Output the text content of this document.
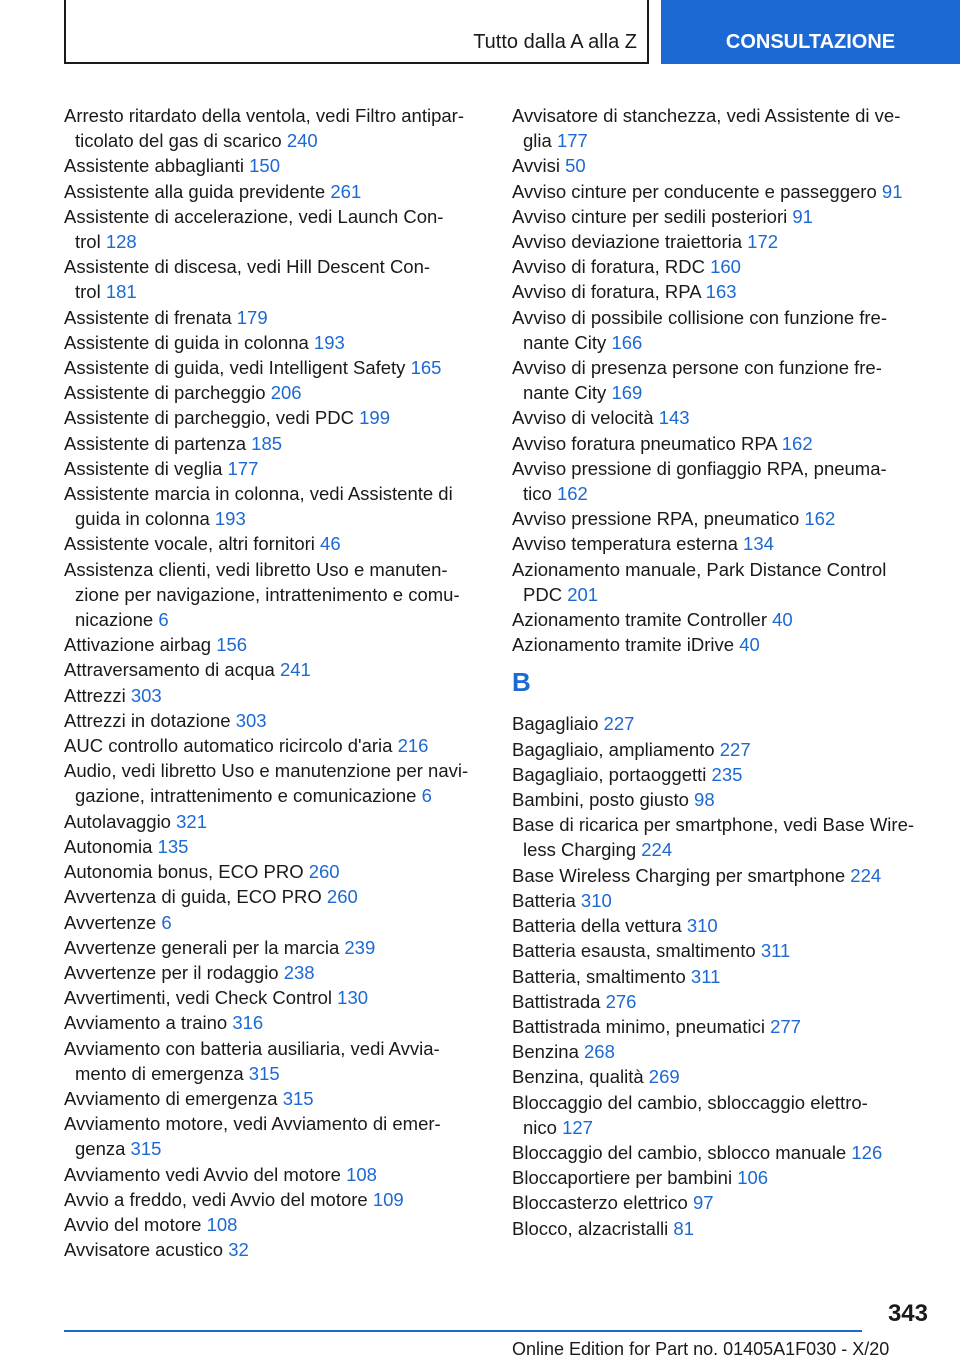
Tutto dalla A alla Z	CONSULTAZIONE
Arresto ritardato della ventola, vedi Filtro antipar-
ticolato del gas di scarico 240
Assistente abbaglianti 150
Assistente alla guida previdente 261
Assistente di accelerazione, vedi Launch Con-
trol 128
Assistente di discesa, vedi Hill Descent Con-
trol 181
Assistente di frenata 179
Assistente di guida in colonna 193
Assistente di guida, vedi Intelligent Safety 165
Assistente di parcheggio 206
Assistente di parcheggio, vedi PDC 199
Assistente di partenza 185
Assistente di veglia 177
Assistente marcia in colonna, vedi Assistente di
guida in colonna 193
Assistente vocale, altri fornitori 46
Assistenza clienti, vedi libretto Uso e manuten-
zione per navigazione, intrattenimento e comu-
nicazione 6
Attivazione airbag 156
Attraversamento di acqua 241
Attrezzi 303
Attrezzi in dotazione 303
AUC controllo automatico ricircolo d'aria 216
Audio, vedi libretto Uso e manutenzione per navi-
gazione, intrattenimento e comunicazione 6
Autolavaggio 321
Autonomia 135
Autonomia bonus, ECO PRO 260
Avvertenza di guida, ECO PRO 260
Avvertenze 6
Avvertenze generali per la marcia 239
Avvertenze per il rodaggio 238
Avvertimenti, vedi Check Control 130
Avviamento a traino 316
Avviamento con batteria ausiliaria, vedi Avvia-
mento di emergenza 315
Avviamento di emergenza 315
Avviamento motore, vedi Avviamento di emer-
genza 315
Avviamento vedi Avvio del motore 108
Avvio a freddo, vedi Avvio del motore 109
Avvio del motore 108
Avvisatore acustico 32
Avvisatore di stanchezza, vedi Assistente di ve-
glia 177
Avvisi 50
Avviso cinture per conducente e passeggero 91
Avviso cinture per sedili posteriori 91
Avviso deviazione traiettoria 172
Avviso di foratura, RDC 160
Avviso di foratura, RPA 163
Avviso di possibile collisione con funzione fre-
nante City 166
Avviso di presenza persone con funzione fre-
nante City 169
Avviso di velocità 143
Avviso foratura pneumatico RPA 162
Avviso pressione di gonfiaggio RPA, pneuma-
tico 162
Avviso pressione RPA, pneumatico 162
Avviso temperatura esterna 134
Azionamento manuale, Park Distance Control
PDC 201
Azionamento tramite Controller 40
Azionamento tramite iDrive 40
B
Bagagliaio 227
Bagagliaio, ampliamento 227
Bagagliaio, portaoggetti 235
Bambini, posto giusto 98
Base di ricarica per smartphone, vedi Base Wire-
less Charging 224
Base Wireless Charging per smartphone 224
Batteria 310
Batteria della vettura 310
Batteria esausta, smaltimento 311
Batteria, smaltimento 311
Battistrada 276
Battistrada minimo, pneumatici 277
Benzina 268
Benzina, qualità 269
Bloccaggio del cambio, sbloccaggio elettro-
nico 127
Bloccaggio del cambio, sblocco manuale 126
Bloccaportiere per bambini 106
Bloccasterzo elettrico 97
Blocco, alzacristalli 81
343
Online Edition for Part no. 01405A1F030 - X/20
